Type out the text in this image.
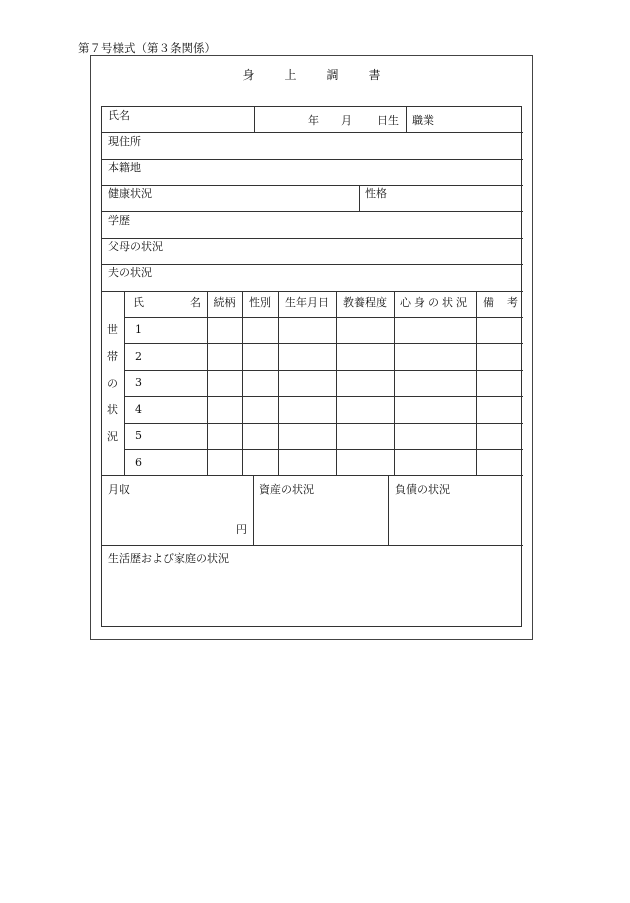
第７号様式（第３条関係）
身上調書
氏名	年 月 日生 職業
現住所
本籍地
健康状況	性格
学歴
父母の状況
夫の状況
世
帯
の
状
況
氏	名	続柄	性別	生年月日	教養程度	心身の状況	備 考
1
2
3
4
5
6
月収
円
資産の状況	負債の状況
生活歴および家庭の状況
